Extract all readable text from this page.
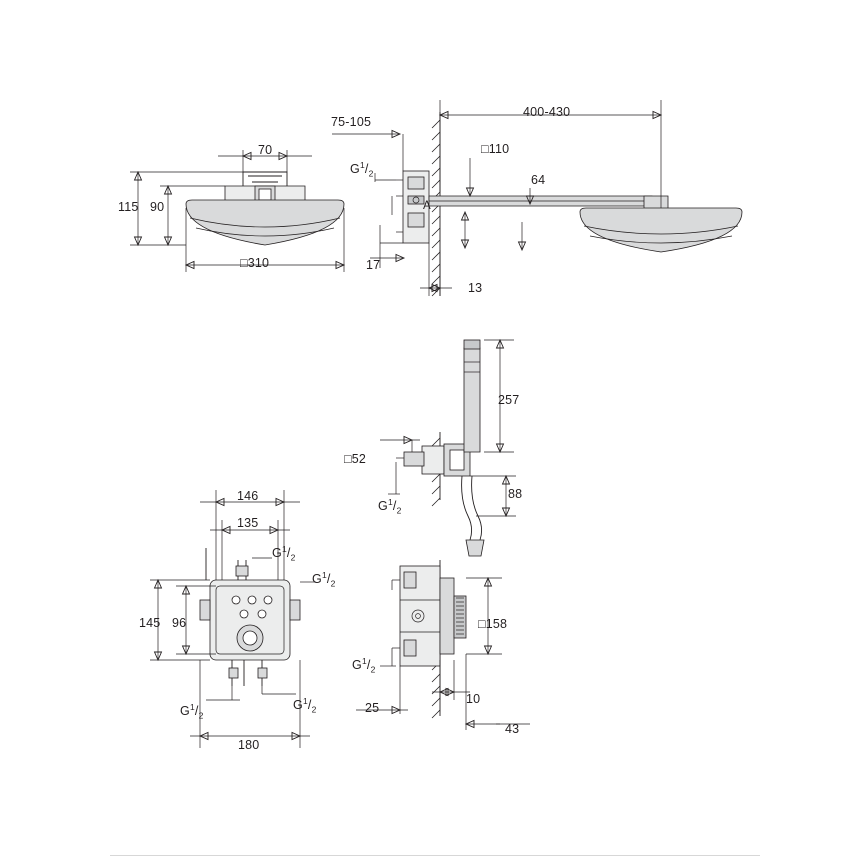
70
115 90
□310
75-105
400-430
□110
64
17
13
A
257
□52
88
146
135
145 96
180
□158
25
10
43
$G^1/_2$
$G^1/_2$
$G^1/_2$
$G^1/_2$
$G^1/_2$
$G^1/_2$
$G^1/_2$
